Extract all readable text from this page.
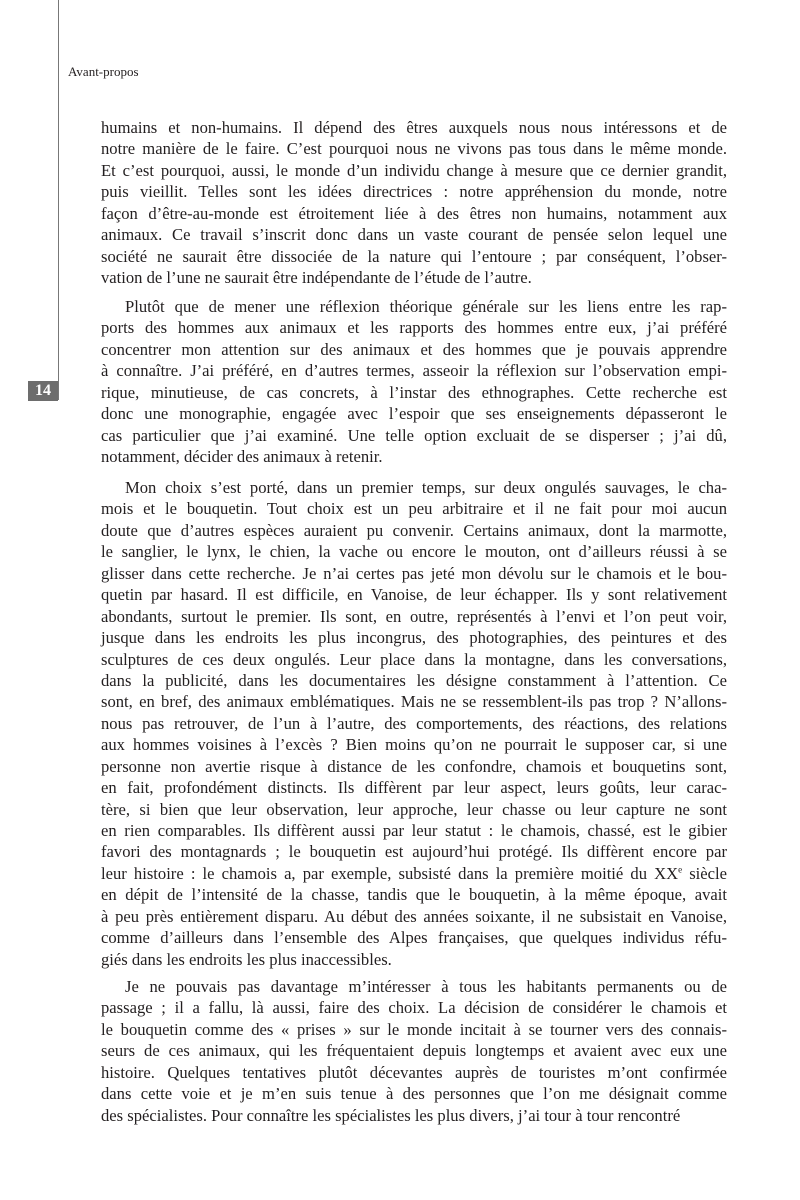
Avant-propos
14
humains et non-humains. Il dépend des êtres auxquels nous nous intéressons et de
notre manière de le faire. C’est pourquoi nous ne vivons pas tous dans le même monde.
Et c’est pourquoi, aussi, le monde d’un individu change à mesure que ce dernier grandit,
puis vieillit. Telles sont les idées directrices : notre appréhension du monde, notre
façon d’être-au-monde est étroitement liée à des êtres non humains, notamment aux
animaux. Ce travail s’inscrit donc dans un vaste courant de pensée selon lequel une
société ne saurait être dissociée de la nature qui l’entoure ; par conséquent, l’obser-
vation de l’une ne saurait être indépendante de l’étude de l’autre.
Plutôt que de mener une réflexion théorique générale sur les liens entre les rap-
ports des hommes aux animaux et les rapports des hommes entre eux, j’ai préféré
concentrer mon attention sur des animaux et des hommes que je pouvais apprendre
à connaître. J’ai préféré, en d’autres termes, asseoir la réflexion sur l’observation empi-
rique, minutieuse, de cas concrets, à l’instar des ethnographes. Cette recherche est
donc une monographie, engagée avec l’espoir que ses enseignements dépasseront le
cas particulier que j’ai examiné. Une telle option excluait de se disperser ; j’ai dû,
notamment, décider des animaux à retenir.
Mon choix s’est porté, dans un premier temps, sur deux ongulés sauvages, le cha-
mois et le bouquetin. Tout choix est un peu arbitraire et il ne fait pour moi aucun
doute que d’autres espèces auraient pu convenir. Certains animaux, dont la marmotte,
le sanglier, le lynx, le chien, la vache ou encore le mouton, ont d’ailleurs réussi à se
glisser dans cette recherche. Je n’ai certes pas jeté mon dévolu sur le chamois et le bou-
quetin par hasard. Il est difficile, en Vanoise, de leur échapper. Ils y sont relativement
abondants, surtout le premier. Ils sont, en outre, représentés à l’envi et l’on peut voir,
jusque dans les endroits les plus incongrus, des photographies, des peintures et des
sculptures de ces deux ongulés. Leur place dans la montagne, dans les conversations,
dans la publicité, dans les documentaires les désigne constamment à l’attention. Ce
sont, en bref, des animaux emblématiques. Mais ne se ressemblent-ils pas trop ? N’allons-
nous pas retrouver, de l’un à l’autre, des comportements, des réactions, des relations
aux hommes voisines à l’excès ? Bien moins qu’on ne pourrait le supposer car, si une
personne non avertie risque à distance de les confondre, chamois et bouquetins sont,
en fait, profondément distincts. Ils diffèrent par leur aspect, leurs goûts, leur carac-
tère, si bien que leur observation, leur approche, leur chasse ou leur capture ne sont
en rien comparables. Ils diffèrent aussi par leur statut : le chamois, chassé, est le gibier
favori des montagnards ; le bouquetin est aujourd’hui protégé. Ils diffèrent encore par
leur histoire : le chamois a, par exemple, subsisté dans la première moitié du XXe siècle
en dépit de l’intensité de la chasse, tandis que le bouquetin, à la même époque, avait
à peu près entièrement disparu. Au début des années soixante, il ne subsistait en Vanoise,
comme d’ailleurs dans l’ensemble des Alpes françaises, que quelques individus réfu-
giés dans les endroits les plus inaccessibles.
Je ne pouvais pas davantage m’intéresser à tous les habitants permanents ou de
passage ; il a fallu, là aussi, faire des choix. La décision de considérer le chamois et
le bouquetin comme des « prises » sur le monde incitait à se tourner vers des connais-
seurs de ces animaux, qui les fréquentaient depuis longtemps et avaient avec eux une
histoire. Quelques tentatives plutôt décevantes auprès de touristes m’ont confirmée
dans cette voie et je m’en suis tenue à des personnes que l’on me désignait comme
des spécialistes. Pour connaître les spécialistes les plus divers, j’ai tour à tour rencontré
